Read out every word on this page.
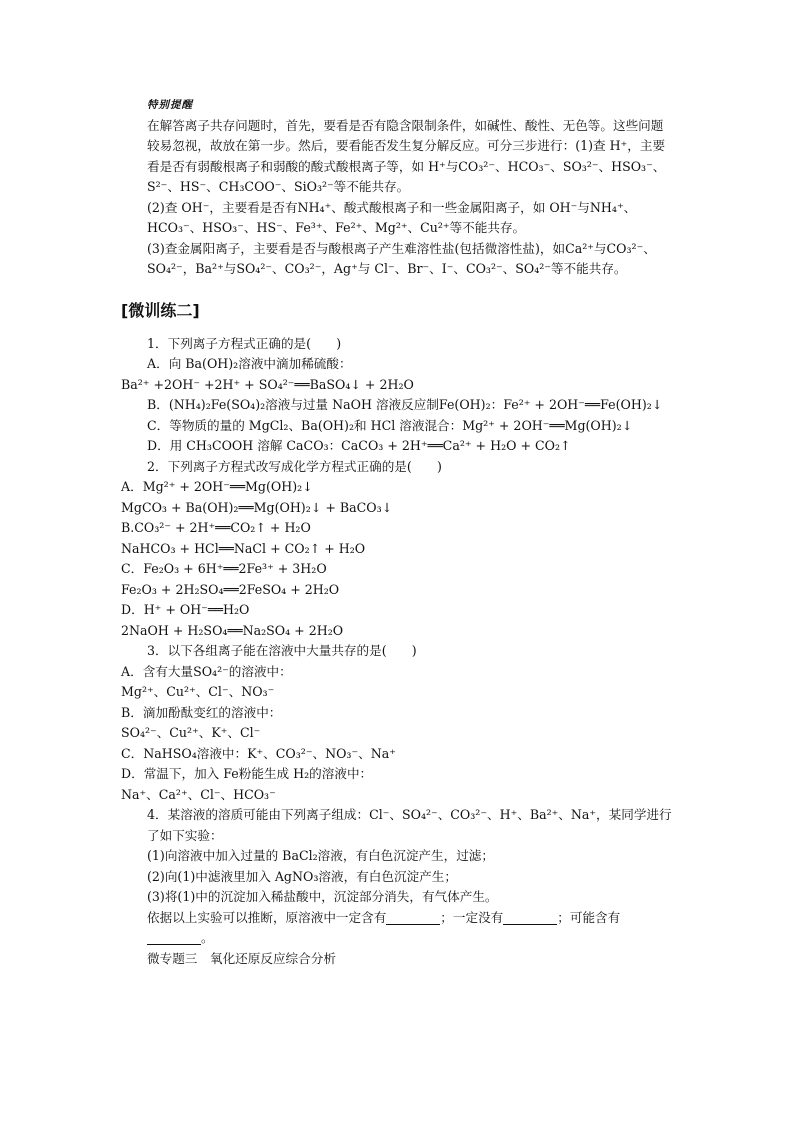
特别提醒
在解答离子共存问题时，首先，要看是否有隐含限制条件，如碱性、酸性、无色等。这些问题较易忽视，故放在第一步。然后，要看能否发生复分解反应。可分三步进行：(1)查 H⁺，主要看是否有弱酸根离子和弱酸的酸式酸根离子等，如 H⁺与CO₃²⁻、HCO₃⁻、SO₃²⁻、HSO₃⁻、S²⁻、HS⁻、CH₃COO⁻、SiO₃²⁻等不能共存。
(2)查 OH⁻，主要看是否有NH₄⁺、酸式酸根离子和一些金属阳离子，如 OH⁻与NH₄⁺、HCO₃⁻、HSO₃⁻、HS⁻、Fe³⁺、Fe²⁺、Mg²⁺、Cu²⁺等不能共存。
(3)查金属阳离子，主要看是否与酸根离子产生难溶性盐(包括微溶性盐)，如Ca²⁺与CO₃²⁻、SO₄²⁻，Ba²⁺与SO₄²⁻、CO₃²⁻，Ag⁺与 Cl⁻、Br⁻、I⁻、CO₃²⁻、SO₄²⁻等不能共存。
[微训练二]
1．下列离子方程式正确的是(　　)
A．向 Ba(OH)₂溶液中滴加稀硫酸：
Ba²⁺ +2OH⁻ +2H⁺ + SO₄²⁻══BaSO₄↓ + 2H₂O
B．(NH₄)₂Fe(SO₄)₂溶液与过量 NaOH 溶液反应制Fe(OH)₂：Fe²⁺ + 2OH⁻══Fe(OH)₂↓
C．等物质的量的 MgCl₂、Ba(OH)₂和 HCl 溶液混合：Mg²⁺ + 2OH⁻══Mg(OH)₂↓
D．用 CH₃COOH 溶解 CaCO₃：CaCO₃ + 2H⁺══Ca²⁺ + H₂O + CO₂↑
2．下列离子方程式改写成化学方程式正确的是(　　)
A．Mg²⁺ + 2OH⁻══Mg(OH)₂↓
MgCO₃ + Ba(OH)₂══Mg(OH)₂↓ + BaCO₃↓
B.CO₃²⁻ + 2H⁺══CO₂↑ + H₂O
NaHCO₃ + HCl══NaCl + CO₂↑ + H₂O
C．Fe₂O₃ + 6H⁺══2Fe³⁺ + 3H₂O
Fe₂O₃ + 2H₂SO₄══2FeSO₄ + 2H₂O
D．H⁺ + OH⁻══H₂O
2NaOH + H₂SO₄══Na₂SO₄ + 2H₂O
3．以下各组离子能在溶液中大量共存的是(　　)
A．含有大量SO₄²⁻的溶液中：
Mg²⁺、Cu²⁺、Cl⁻、NO₃⁻
B．滴加酚酞变红的溶液中：
SO₄²⁻、Cu²⁺、K⁺、Cl⁻
C．NaHSO₄溶液中：K⁺、CO₃²⁻、NO₃⁻、Na⁺
D．常温下，加入 Fe粉能生成 H₂的溶液中：
Na⁺、Ca²⁺、Cl⁻、HCO₃⁻
4．某溶液的溶质可能由下列离子组成：Cl⁻、SO₄²⁻、CO₃²⁻、H⁺、Ba²⁺、Na⁺，某同学进行了如下实验：
(1)向溶液中加入过量的 BaCl₂溶液，有白色沉淀产生，过滤；
(2)向(1)中滤液里加入 AgNO₃溶液，有白色沉淀产生；
(3)将(1)中的沉淀加入稀盐酸中，沉淀部分消失，有气体产生。
依据以上实验可以推断，原溶液中一定含有	；一定没有	；可能含有。
微专题三　氧化还原反应综合分析
